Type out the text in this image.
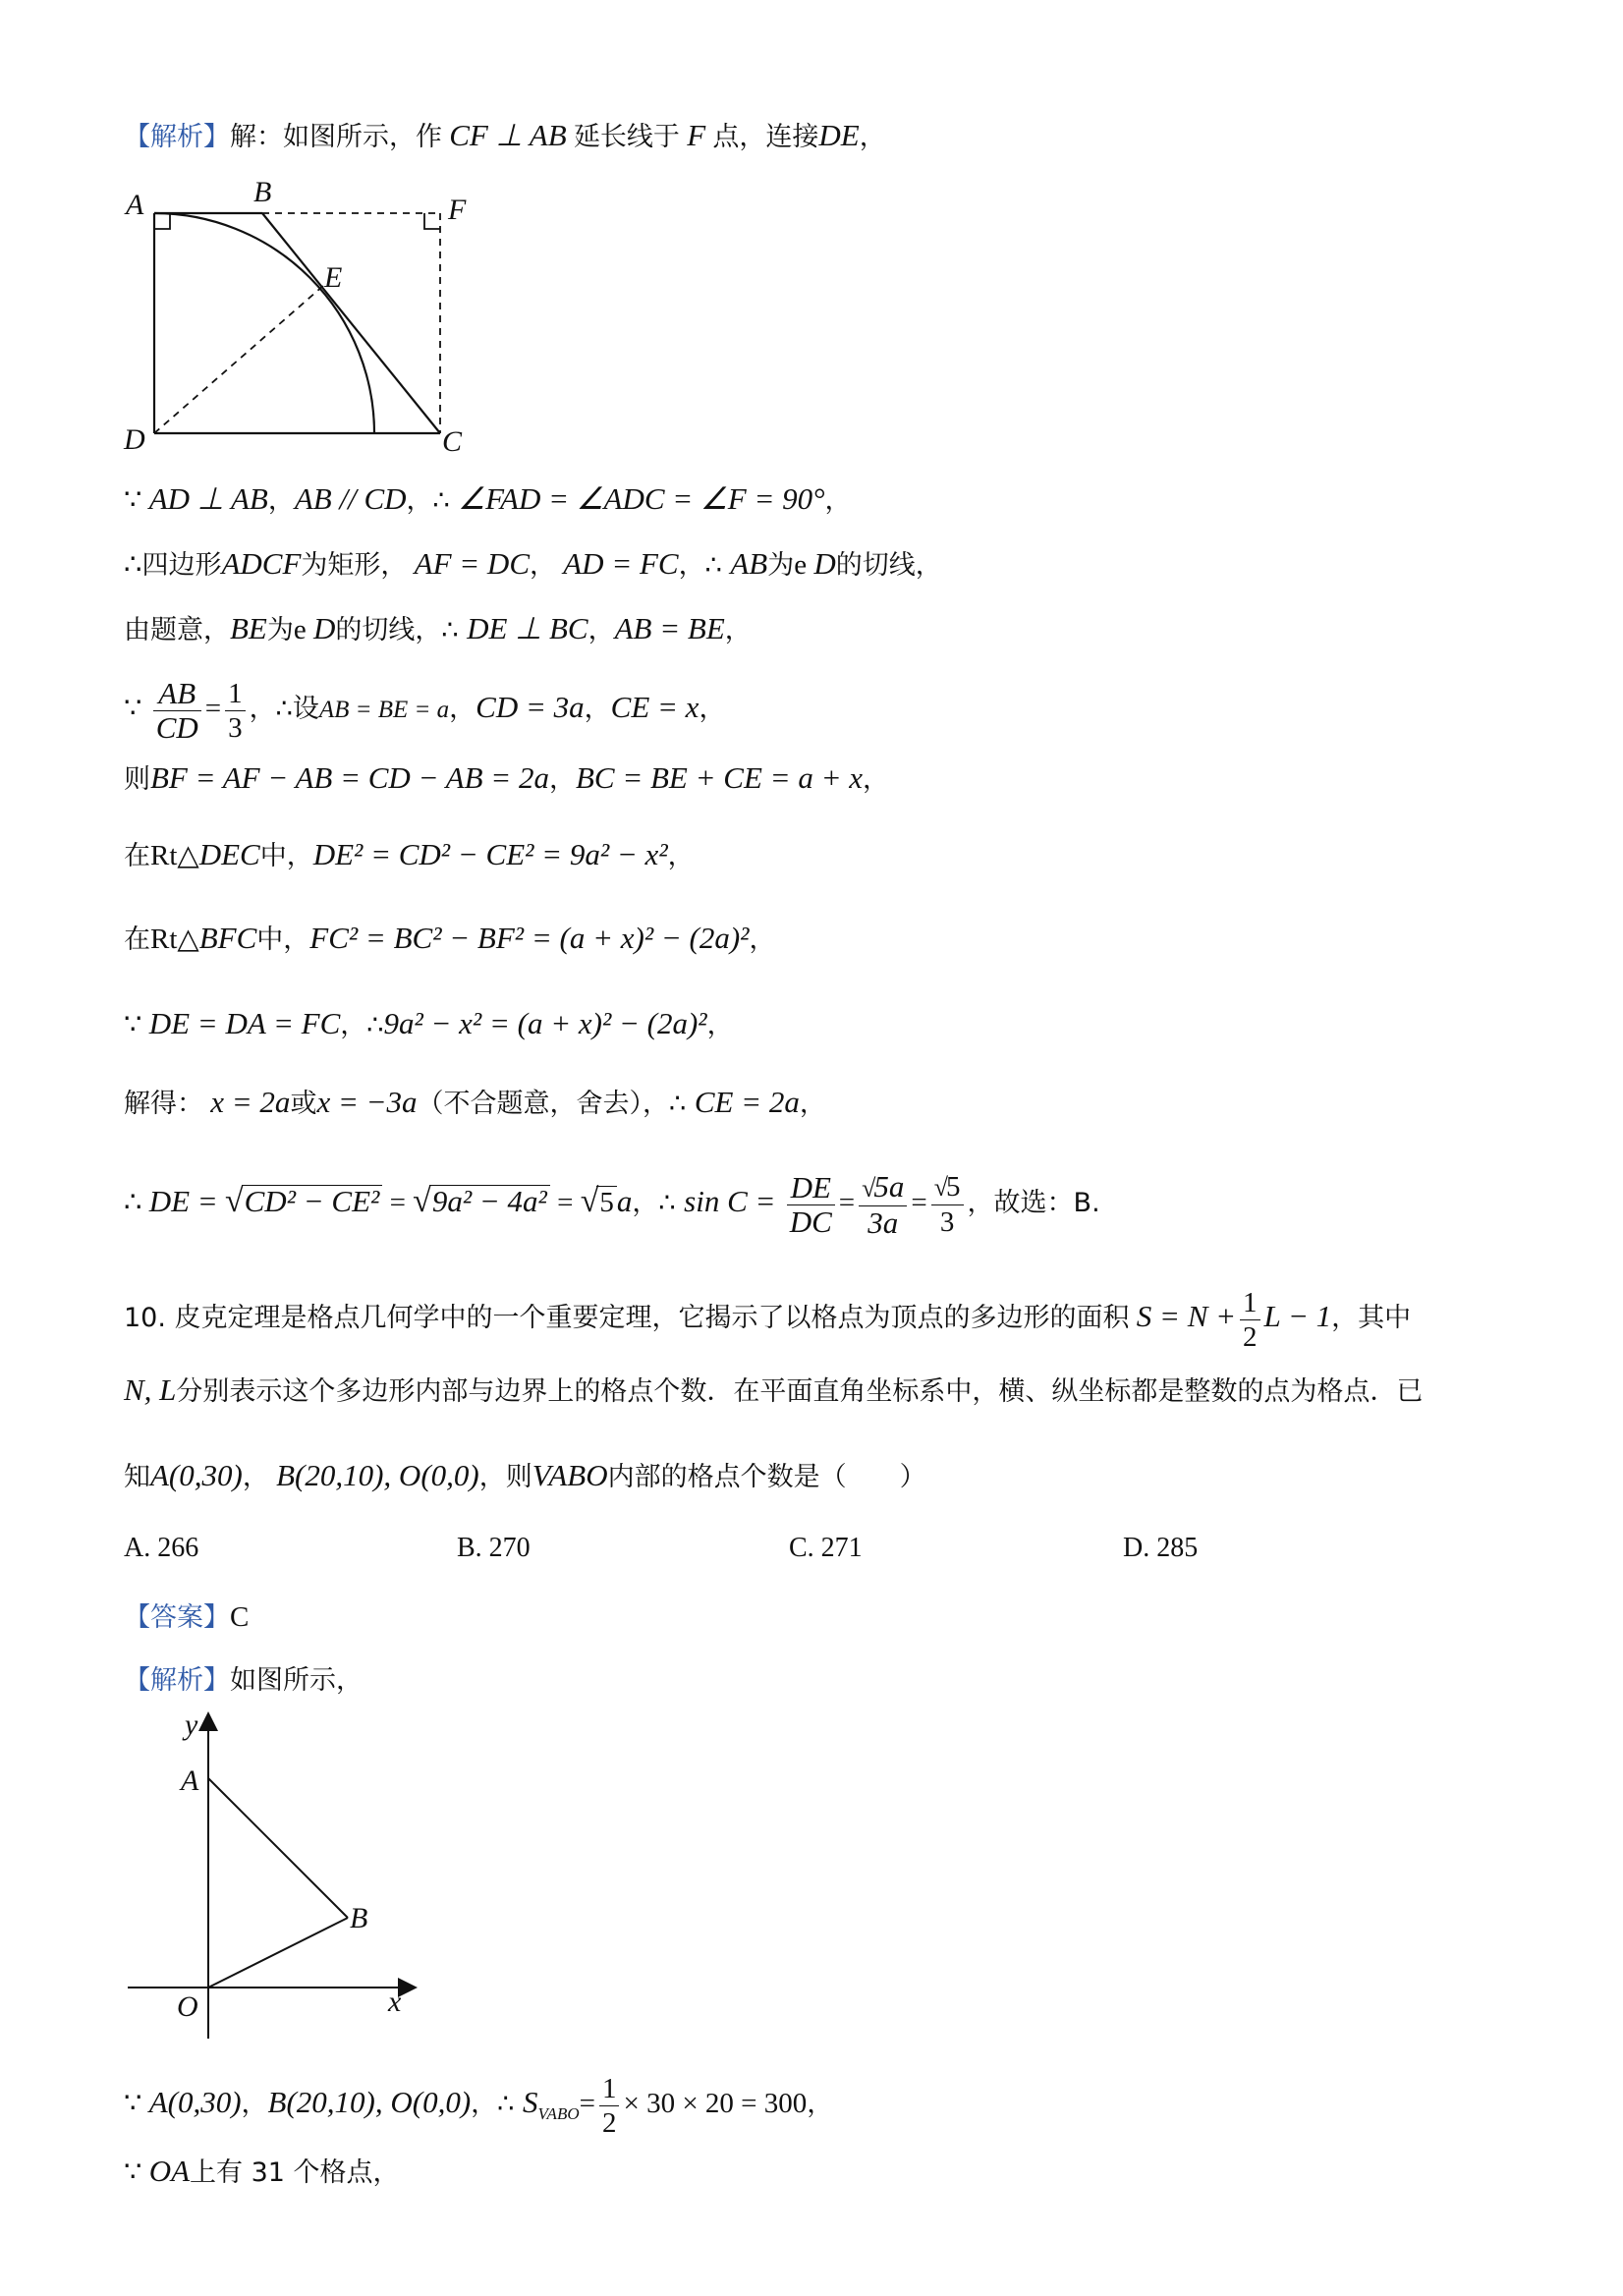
【解析】解：如图所示，作 CF ⊥ AB 延长线于 F 点，连接DE，
A	B
F
E
D	C
∵ AD ⊥ AB，AB // CD，∴ ∠FAD = ∠ADC = ∠F = 90°，
∴四边形ADCF为矩形， AF = DC， AD = FC，∴ AB为e D的切线，
由题意，BE为e D的切线，∴ DE ⊥ BC，AB = BE，
∵ $\frac{AB}{CD} = \frac{1}{3}$ ，∴设AB = BE = a，CD = 3a，CE = x，
则BF = AF − AB = CD − AB = 2a，BC = BE + CE = a + x，
在Rt△DEC中，DE² = CD² − CE² = 9a² − x²，
在Rt△BFC中，FC² = BC² − BF² = (a + x)² − (2a)²，
∵ DE = DA = FC，∴9a² − x² = (a + x)² − (2a)²，
解得： x = 2a或x = −3a（不合题意，舍去），∴ CE = 2a，
∴ DE = √CD² − CE² = √9a² − 4a² = √5a，∴ $\sin C = \frac{DE}{DC} = \frac{√5a}{3a} = \frac{√5}{3}$ ，故选：B.
10. 皮克定理是格点几何学中的一个重要定理，它揭示了以格点为顶点的多边形的面积 $S = N + \frac{1}{2}$ L − 1，其中
N, L分别表示这个多边形内部与边界上的格点个数．在平面直角坐标系中，横、纵坐标都是整数的点为格点．已
知A(0,30)， B(20,10), O(0,0)，则VABO内部的格点个数是（　　）
A. 266	B. 270	C. 271	D. 285
【答案】C
【解析】如图所示，
y
A
B
O	x
∵ A(0,30)，B(20,10), O(0,0)，∴ $S_{VABO}= \frac{1}{2} \times 30 \times 20 = 300$，
∵ OA上有 31 个格点，
